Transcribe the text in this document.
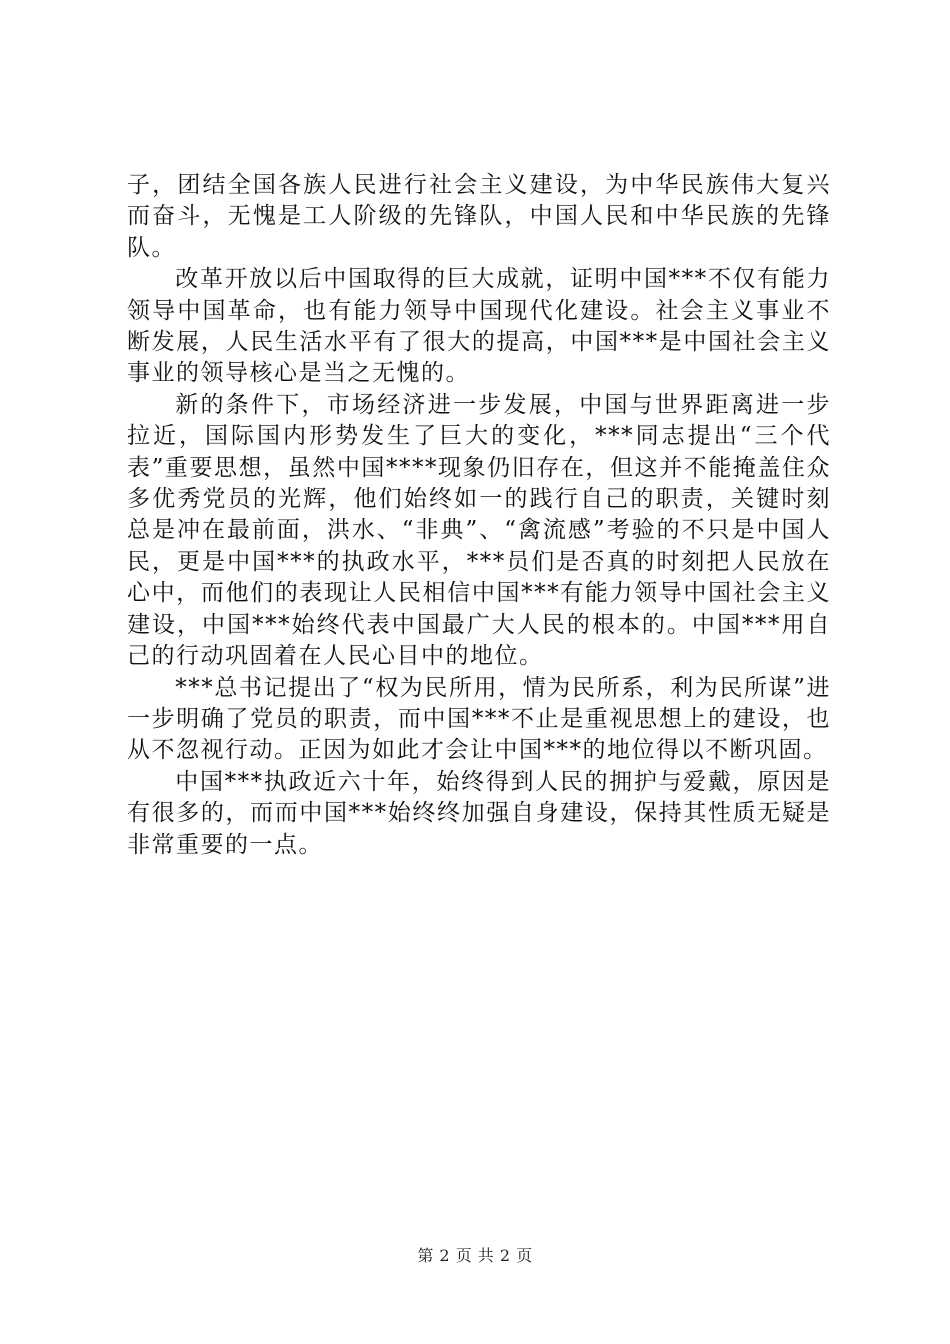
子，团结全国各族人民进行社会主义建设，为中华民族伟大复兴而奋斗，无愧是工人阶级的先锋队，中国人民和中华民族的先锋队。

改革开放以后中国取得的巨大成就，证明中国***不仅有能力领导中国革命，也有能力领导中国现代化建设。社会主义事业不断发展，人民生活水平有了很大的提高，中国***是中国社会主义事业的领导核心是当之无愧的。

新的条件下，市场经济进一步发展，中国与世界距离进一步拉近，国际国内形势发生了巨大的变化，***同志提出“三个代表”重要思想，虽然中国****现象仍旧存在，但这并不能掩盖住众多优秀党员的光辉，他们始终如一的践行自己的职责，关键时刻总是冲在最前面，洪水、“非典”、“禽流感”考验的不只是中国人民，更是中国***的执政水平，***员们是否真的时刻把人民放在心中，而他们的表现让人民相信中国***有能力领导中国社会主义建设，中国***始终代表中国最广大人民的根本的。中国***用自己的行动巩固着在人民心目中的地位。

***总书记提出了“权为民所用，情为民所系，利为民所谋”进一步明确了党员的职责，而中国***不止是重视思想上的建设，也从不忽视行动。正因为如此才会让中国***的地位得以不断巩固。

中国***执政近六十年，始终得到人民的拥护与爱戴，原因是有很多的，而而中国***始终终加强自身建设，保持其性质无疑是非常重要的一点。

第 2 页 共 2 页
